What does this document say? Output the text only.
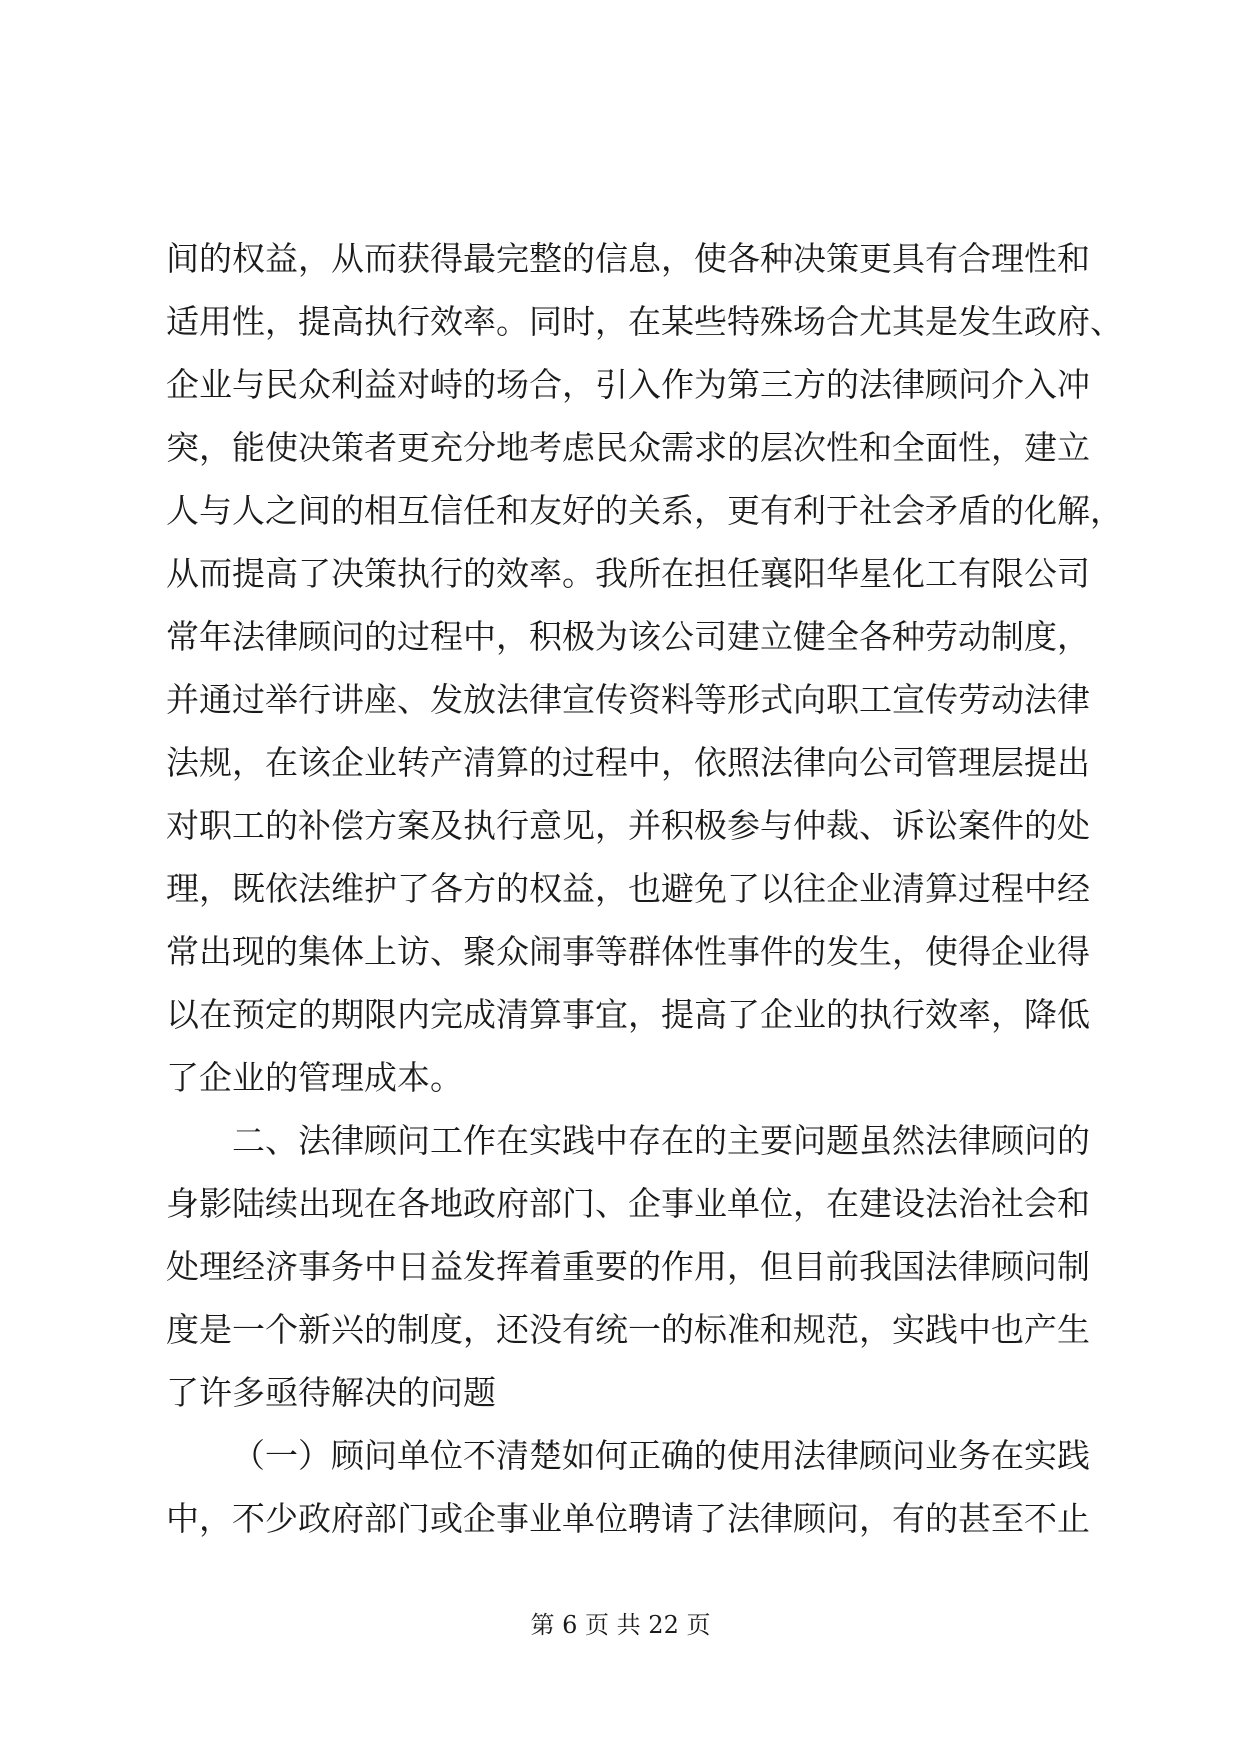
间的权益，从而获得最完整的信息，使各种决策更具有合理性和
适用性，提高执行效率。同时，在某些特殊场合尤其是发生政府、
企业与民众利益对峙的场合，引入作为第三方的法律顾问介入冲
突，能使决策者更充分地考虑民众需求的层次性和全面性，建立
人与人之间的相互信任和友好的关系，更有利于社会矛盾的化解，
从而提高了决策执行的效率。我所在担任襄阳华星化工有限公司
常年法律顾问的过程中，积极为该公司建立健全各种劳动制度，
并通过举行讲座、发放法律宣传资料等形式向职工宣传劳动法律
法规，在该企业转产清算的过程中，依照法律向公司管理层提出
对职工的补偿方案及执行意见，并积极参与仲裁、诉讼案件的处
理，既依法维护了各方的权益，也避免了以往企业清算过程中经
常出现的集体上访、聚众闹事等群体性事件的发生，使得企业得
以在预定的期限内完成清算事宜，提高了企业的执行效率，降低
了企业的管理成本。
二、法律顾问工作在实践中存在的主要问题虽然法律顾问的
身影陆续出现在各地政府部门、企事业单位，在建设法治社会和
处理经济事务中日益发挥着重要的作用，但目前我国法律顾问制
度是一个新兴的制度，还没有统一的标准和规范，实践中也产生
了许多亟待解决的问题
（一）顾问单位不清楚如何正确的使用法律顾问业务在实践
中，不少政府部门或企事业单位聘请了法律顾问，有的甚至不止
第 6 页 共 22 页
